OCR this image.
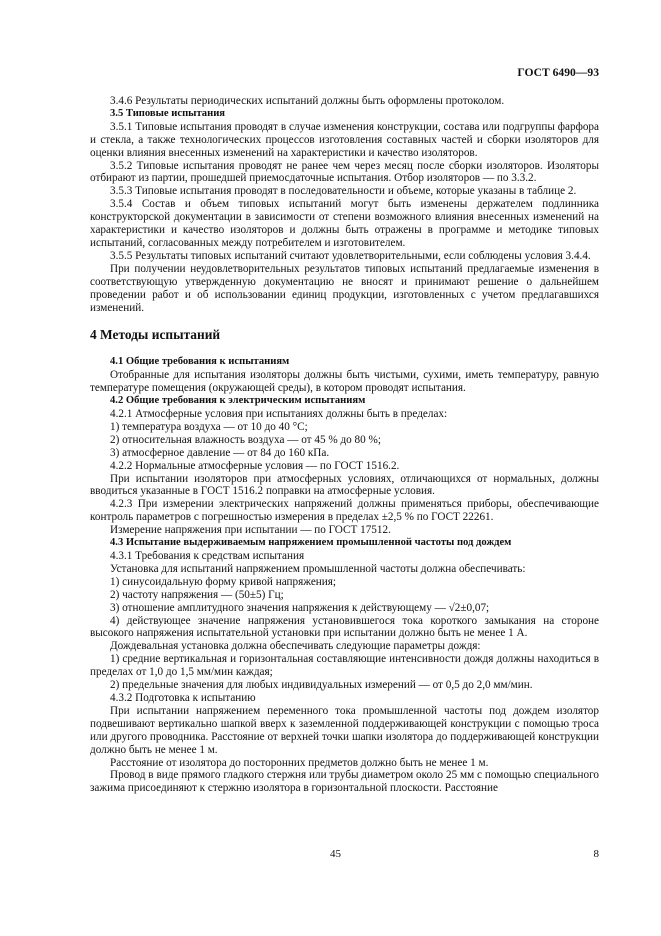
ГОСТ 6490—93
3.4.6 Результаты периодических испытаний должны быть оформлены протоколом.
3.5 Типовые испытания
3.5.1 Типовые испытания проводят в случае изменения конструкции, состава или подгруппы фарфора и стекла, а также технологических процессов изготовления составных частей и сборки изоляторов для оценки влияния внесенных изменений на характеристики и качество изоляторов.
3.5.2 Типовые испытания проводят не ранее чем через месяц после сборки изоляторов. Изоляторы отбирают из партии, прошедшей приемосдаточные испытания. Отбор изоляторов — по 3.3.2.
3.5.3 Типовые испытания проводят в последовательности и объеме, которые указаны в таблице 2.
3.5.4 Состав и объем типовых испытаний могут быть изменены держателем подлинника конструкторской документации в зависимости от степени возможного влияния внесенных изменений на характеристики и качество изоляторов и должны быть отражены в программе и методике типовых испытаний, согласованных между потребителем и изготовителем.
3.5.5 Результаты типовых испытаний считают удовлетворительными, если соблюдены условия 3.4.4.
При получении неудовлетворительных результатов типовых испытаний предлагаемые изменения в соответствующую утвержденную документацию не вносят и принимают решение о дальнейшем проведении работ и об использовании единиц продукции, изготовленных с учетом предлагавшихся изменений.
4 Методы испытаний
4.1 Общие требования к испытаниям
Отобранные для испытания изоляторы должны быть чистыми, сухими, иметь температуру, равную температуре помещения (окружающей среды), в котором проводят испытания.
4.2 Общие требования к электрическим испытаниям
4.2.1 Атмосферные условия при испытаниях должны быть в пределах:
1) температура воздуха — от 10 до 40 °С;
2) относительная влажность воздуха — от 45 % до 80 %;
3) атмосферное давление — от 84 до 160 кПа.
4.2.2 Нормальные атмосферные условия — по ГОСТ 1516.2.
При испытании изоляторов при атмосферных условиях, отличающихся от нормальных, должны вводиться указанные в ГОСТ 1516.2 поправки на атмосферные условия.
4.2.3 При измерении электрических напряжений должны применяться приборы, обеспечивающие контроль параметров с погрешностью измерения в пределах ±2,5 % по ГОСТ 22261.
Измерение напряжения при испытании — по ГОСТ 17512.
4.3 Испытание выдерживаемым напряжением промышленной частоты под дождем
4.3.1 Требования к средствам испытания
Установка для испытаний напряжением промышленной частоты должна обеспечивать:
1) синусоидальную форму кривой напряжения;
2) частоту напряжения — (50±5) Гц;
3) отношение амплитудного значения напряжения к действующему — √2±0,07;
4) действующее значение напряжения установившегося тока короткого замыкания на стороне высокого напряжения испытательной установки при испытании должно быть не менее 1 А.
Дождевальная установка должна обеспечивать следующие параметры дождя:
1) средние вертикальная и горизонтальная составляющие интенсивности дождя должны находиться в пределах от 1,0 до 1,5 мм/мин каждая;
2) предельные значения для любых индивидуальных измерений — от 0,5 до 2,0 мм/мин.
4.3.2 Подготовка к испытанию
При испытании напряжением переменного тока промышленной частоты под дождем изолятор подвешивают вертикально шапкой вверх к заземленной поддерживающей конструкции с помощью троса или другого проводника. Расстояние от верхней точки шапки изолятора до поддерживающей конструкции должно быть не менее 1 м.
Расстояние от изолятора до посторонних предметов должно быть не менее 1 м.
Провод в виде прямого гладкого стержня или трубы диаметром около 25 мм с помощью специального зажима присоединяют к стержню изолятора в горизонтальной плоскости. Расстояние
45	8
